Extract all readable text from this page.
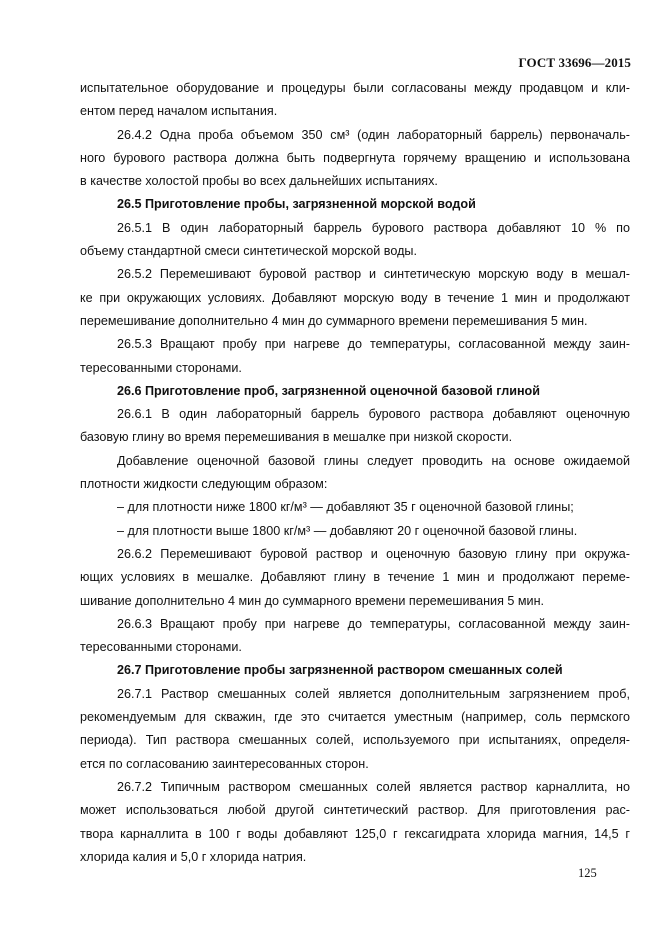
ГОСТ 33696—2015
испытательное оборудование и процедуры были согласованы между продавцом и кли-
ентом перед началом испытания.
26.4.2 Одна проба объемом 350 см³ (один лабораторный баррель) первоначаль-
ного бурового раствора должна быть подвергнута горячему вращению и использована
в качестве холостой пробы во всех дальнейших испытаниях.
26.5 Приготовление пробы, загрязненной морской водой
26.5.1 В один лабораторный баррель бурового раствора добавляют 10 % по
объему стандартной смеси синтетической морской воды.
26.5.2 Перемешивают буровой раствор и синтетическую морскую воду в мешал-
ке при окружающих условиях. Добавляют морскую воду в течение 1 мин и продолжают
перемешивание дополнительно 4 мин до суммарного времени перемешивания 5 мин.
26.5.3 Вращают пробу при нагреве до температуры, согласованной между заин-
тересованными сторонами.
26.6 Приготовление проб, загрязненной оценочной базовой глиной
26.6.1 В один лабораторный баррель бурового раствора добавляют оценочную
базовую глину во время перемешивания в мешалке при низкой скорости.
Добавление оценочной базовой глины следует проводить на основе ожидаемой
плотности жидкости следующим образом:
– для плотности ниже 1800 кг/м³ — добавляют 35 г оценочной базовой глины;
– для плотности выше 1800 кг/м³ — добавляют 20 г оценочной базовой глины.
26.6.2 Перемешивают буровой раствор и оценочную базовую глину при окружа-
ющих условиях в мешалке. Добавляют глину в течение 1 мин и продолжают переме-
шивание дополнительно 4 мин до суммарного времени перемешивания 5 мин.
26.6.3 Вращают пробу при нагреве до температуры, согласованной между заин-
тересованными сторонами.
26.7 Приготовление пробы загрязненной раствором смешанных солей
26.7.1 Раствор смешанных солей является дополнительным загрязнением проб,
рекомендуемым для скважин, где это считается уместным (например, соль пермского
периода). Тип раствора смешанных солей, используемого при испытаниях, определя-
ется по согласованию заинтересованных сторон.
26.7.2 Типичным раствором смешанных солей является раствор карналлита, но
может использоваться любой другой синтетический раствор. Для приготовления рас-
твора карналлита в 100 г воды добавляют 125,0 г гексагидрата хлорида магния, 14,5 г
хлорида калия и 5,0 г хлорида натрия.
125
